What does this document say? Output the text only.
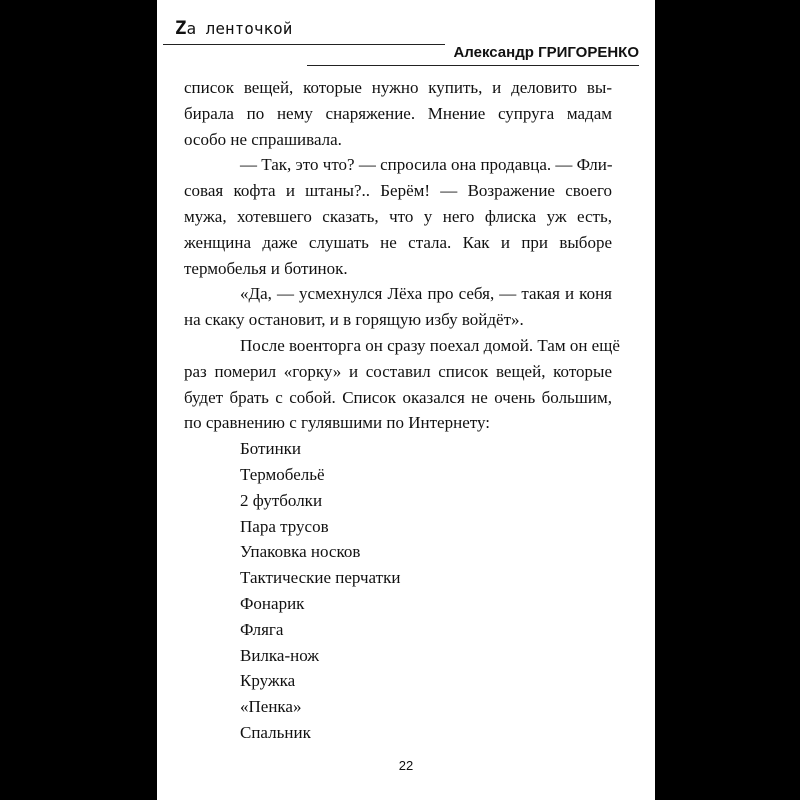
Zа ленточкой
Александр ГРИГОРЕНКО
список вещей, которые нужно купить, и деловито вы-
бирала по нему снаряжение. Мнение супруга мадам
особо не спрашивала.
— Так, это что? — спросила она продавца. — Фли-
совая кофта и штаны?.. Берём! — Возражение своего
мужа, хотевшего сказать, что у него флиска уж есть,
женщина даже слушать не стала. Как и при выборе
термобелья и ботинок.
«Да, — усмехнулся Лёха про себя, — такая и коня
на скаку остановит, и в горящую избу войдёт».
После военторга он сразу поехал домой. Там он ещё
раз померил «горку» и составил список вещей, которые
будет брать с собой. Список оказался не очень большим,
по сравнению с гулявшими по Интернету:
Ботинки
Термобельё
2 футболки
Пара трусов
Упаковка носков
Тактические перчатки
Фонарик
Фляга
Вилка-нож
Кружка
«Пенка»
Спальник
22
